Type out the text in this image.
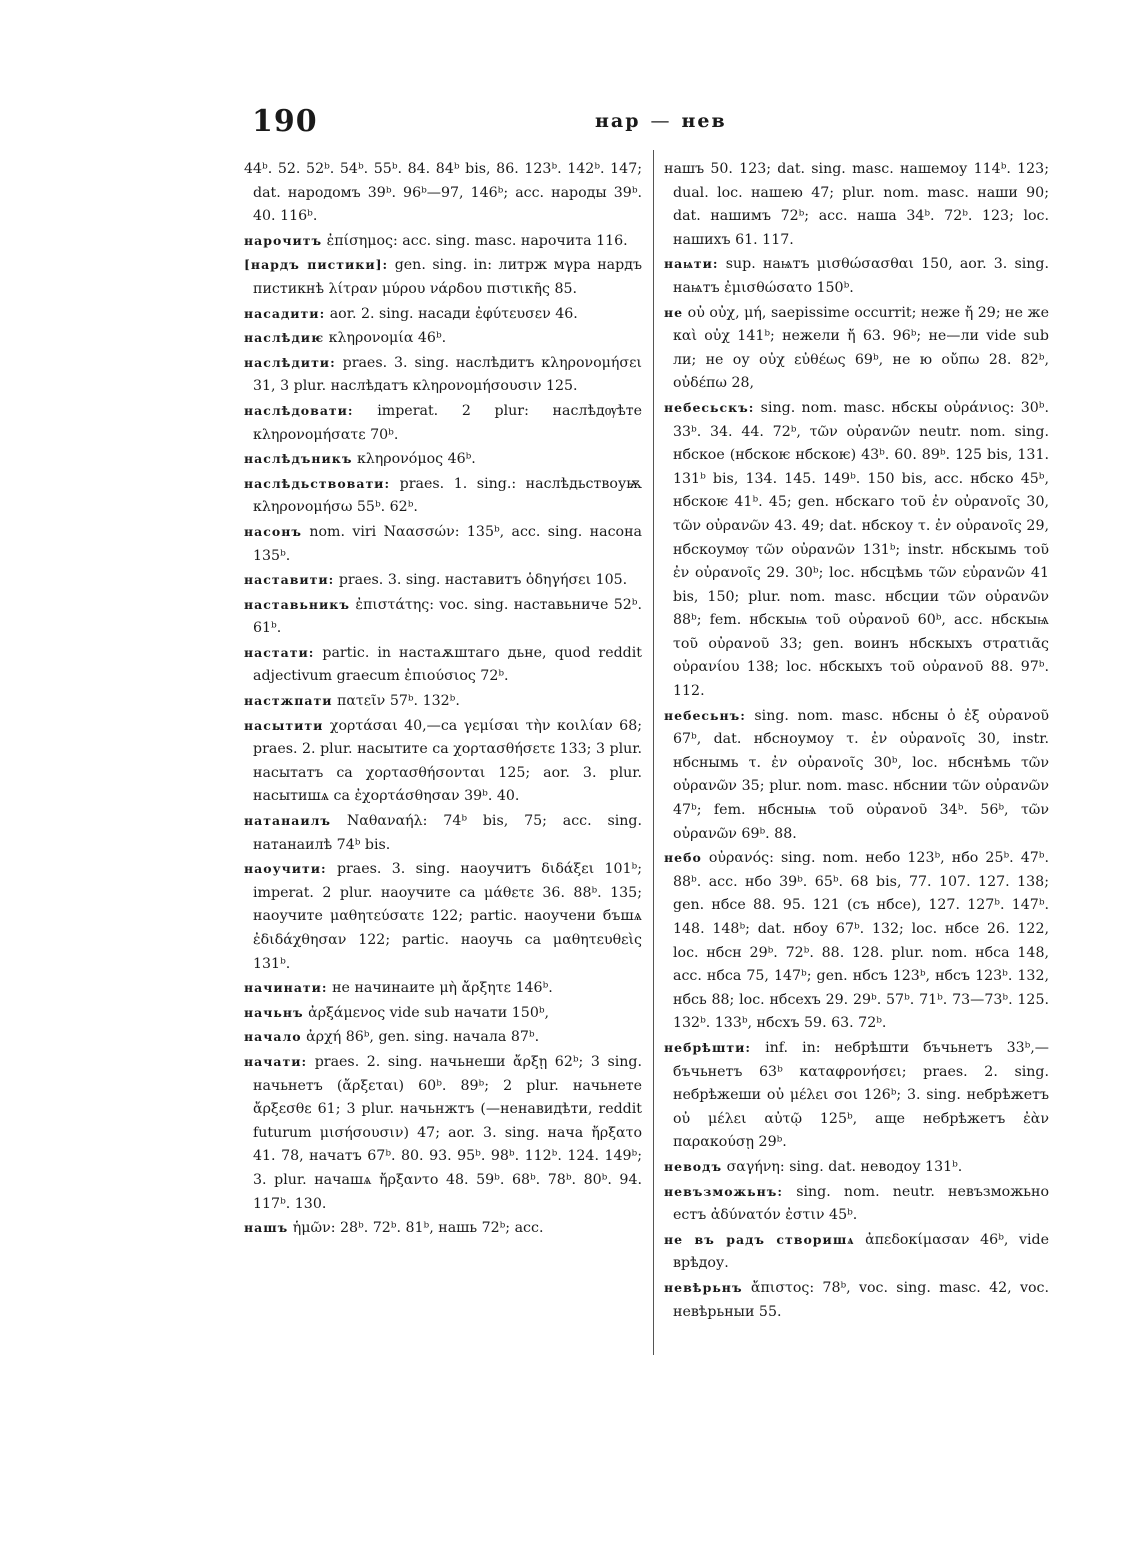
190	нар — нев

44ᵇ. 52. 52ᵇ. 54ᵇ. 55ᵇ. 84. 84ᵇ bis, 86. 123ᵇ. 142ᵇ. 147; dat. народомъ 39ᵇ. 96ᵇ—97, 146ᵇ; acc. народы 39ᵇ. 40. 116ᵇ.

нарочитъ ἐπίσημος: acc. sing. masc. нарочита 116.

[нардъ пистики]: gen. sing. in: литрж мγра нардъ пистикнѣ λίτραν μύρου νάρδου πιστικῆς 85.

насадити: aor. 2. sing. насади ἐφύτευσεν 46.

наслѣдиѥ κληρονομία 46ᵇ.

наслѣдити: praes. 3. sing. наслѣдитъ κληρονομήσει 31, 3 plur. наслѣдатъ κληρονομήσουσιν 125.

наслѣдовати: imperat. 2 plur: наслѣдѹѣте κληρονομήσατε 70ᵇ.

наслѣдъникъ κληρονόμος 46ᵇ.

наслѣдьствовати: praes. 1. sing.: наслѣдьствоуѭ κληρονομήσω 55ᵇ. 62ᵇ.

насонъ nom. viri Ναασσών: 135ᵇ, acc. sing. насона 135ᵇ.

наставити: praes. 3. sing. наставитъ ὁδηγήσει 105.

наставьникъ ἐπιστάτης: voc. sing. наставьниче 52ᵇ. 61ᵇ.

настати: partic. in настаѫштаго дьне, quod reddit adjectivum graecum ἐπιούσιος 72ᵇ.

настжпати πατεῖν 57ᵇ. 132ᵇ.

насытити χορτάσαι 40,—са γεμίσαι τὴν κοιλίαν 68; praes. 2. plur. насытите са χορτασθήσετε 133; 3 plur. насытатъ са χορτασθήσονται 125; aor. 3. plur. насытишѧ са ἐχορτάσθησαν 39ᵇ. 40.

натанаилъ Ναθαναήλ: 74ᵇ bis, 75; acc. sing. натанаилѣ 74ᵇ bis.

наоучити: praes. 3. sing. наоучитъ διδάξει 101ᵇ; imperat. 2 plur. наоучите са μάθετε 36. 88ᵇ. 135; наоучите μαθητεύσατε 122; partic. наоучени бъшѧ ἐδιδάχθησαν 122; partic. наоучь са μαθητευθεὶς 131ᵇ.

начинати: не начинаите μὴ ἄρξητε 146ᵇ.

начьнъ ἀρξάμενος vide sub начати 150ᵇ,

начало ἀρχή 86ᵇ, gen. sing. начала 87ᵇ.

начати: praes. 2. sing. начьнеши ἄρξῃ 62ᵇ; 3 sing. начьнетъ (ἄρξεται) 60ᵇ. 89ᵇ; 2 plur. начьнете ἄρξεσθε 61; 3 plur. начьнжтъ (—ненавидѣти, reddit futurum μισήσουσιν) 47; aor. 3. sing. нача ἤρξατο 41. 78, начатъ 67ᵇ. 80. 93. 95ᵇ. 98ᵇ. 112ᵇ. 124. 149ᵇ; 3. plur. начашѧ ἤρξαντο 48. 59ᵇ. 68ᵇ. 78ᵇ. 80ᵇ. 94. 117ᵇ. 130.

нашъ ἡμῶν: 28ᵇ. 72ᵇ. 81ᵇ, нашь 72ᵇ; acc.

нашъ 50. 123; dat. sing. masc. нашемоу 114ᵇ. 123; dual. loc. нашею 47; plur. nom. masc. наши 90; dat. нашимъ 72ᵇ; acc. наша 34ᵇ. 72ᵇ. 123; loc. нашихъ 61. 117.

наѩти: sup. наѩтъ μισθώσασθαι 150, aor. 3. sing. наѩтъ ἐμισθώσατο 150ᵇ.

не οὐ οὐχ, μή, saepissime occurrit; неже ἤ 29; не же καὶ οὐχ 141ᵇ; нежели ἤ 63. 96ᵇ; не—ли vide sub ли; не оу οὐχ εὐθέως 69ᵇ, не ю οὔπω 28. 82ᵇ, οὐδέπω 28,

небесьскъ: sing. nom. masc. нбскы οὐράνιος: 30ᵇ. 33ᵇ. 34. 44. 72ᵇ, τῶν οὐρανῶν neutr. nom. sing. нбское (нбскоѥ нбскоѥ) 43ᵇ. 60. 89ᵇ. 125 bis, 131. 131ᵇ bis, 134. 145. 149ᵇ. 150 bis, acc. нбско 45ᵇ, нбскоѥ 41ᵇ. 45; gen. нбскаго τοῦ ἐν οὐρανοῖς 30, τῶν οὐρανῶν 43. 49; dat. нбскоу τ. ἐν οὐρανοῖς 29, нбскоумѹ τῶν οὐρανῶν 131ᵇ; instr. нбскымь τοῦ ἐν οὐρανοῖς 29. 30ᵇ; loc. нбсцѣмь τῶν εὐρανῶν 41 bis, 150; plur. nom. masc. нбсции τῶν οὐρανῶν 88ᵇ; fem. нбскыѩ τοῦ οὐρανοῦ 60ᵇ, acc. нбскыѩ τοῦ οὐρανοῦ 33; gen. воинъ нбскыхъ στρατιᾶς οὐρανίου 138; loc. нбскыхъ τοῦ οὐρανοῦ 88. 97ᵇ. 112.

небесьнъ: sing. nom. masc. нбсны ὁ ἐξ οὐρανοῦ 67ᵇ, dat. нбсноумоу τ. ἐν οὐρανοῖς 30, instr. нбснымь τ. ἐν οὐρανοῖς 30ᵇ, loc. нбснѣмь τῶν οὐρανῶν 35; plur. nom. masc. нбснии τῶν οὐρανῶν 47ᵇ; fem. нбсныѩ τοῦ οὐρανοῦ 34ᵇ. 56ᵇ, τῶν οὐρανῶν 69ᵇ. 88.

небо οὐρανός: sing. nom. небо 123ᵇ, нбо 25ᵇ. 47ᵇ. 88ᵇ. acc. нбо 39ᵇ. 65ᵇ. 68 bis, 77. 107. 127. 138; gen. нбсе 88. 95. 121 (съ нбсе), 127. 127ᵇ. 147ᵇ. 148. 148ᵇ; dat. нбоу 67ᵇ. 132; loc. нбсе 26. 122, loc. нбсн 29ᵇ. 72ᵇ. 88. 128. plur. nom. нбса 148, acc. нбса 75, 147ᵇ; gen. нбсъ 123ᵇ, нбсъ 123ᵇ. 132, нбсь 88; loc. нбсехъ 29. 29ᵇ. 57ᵇ. 71ᵇ. 73—73ᵇ. 125. 132ᵇ. 133ᵇ, нбсхъ 59. 63. 72ᵇ.

небрѣшти: inf. in: небрѣшти бъчьнетъ 33ᵇ,—бъчьнетъ 63ᵇ καταφρονήσει; praes. 2. sing. небрѣжеши οὐ μέλει σοι 126ᵇ; 3. sing. небрѣжетъ οὐ μέλει αὐτῷ 125ᵇ, аще небрѣжетъ ἐὰν παρακούσῃ 29ᵇ.

неводъ σαγήνη: sing. dat. неводоу 131ᵇ.

невъзможьнъ: sing. nom. neutr. невъзможьно естъ ἀδύνατόν ἐστιν 45ᵇ.

не въ радъ створишѧ ἀπεδοκίμασαν 46ᵇ, vide врѣдоу.

невѣрьнъ ἄπιστος: 78ᵇ, voc. sing. masc. 42, voc. невѣрьныи 55.
